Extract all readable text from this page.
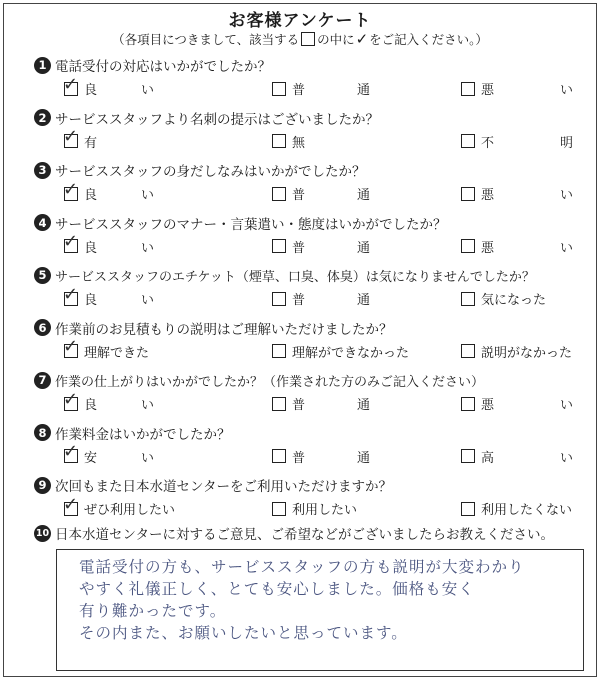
お客様アンケート
（各項目につきまして、該当する の中に✓をご記入ください。）
1 電話受付の対応はいかがでしたか？
✓ 良	い	普	通	悪	い
2 サービススタッフより名刺の提示はございましたか？
✓ 有	無	不	明
3 サービススタッフの身だしなみはいかがでしたか？
✓ 良	い	普	通	悪	い
4 サービススタッフのマナー・言葉遣い・態度はいかがでしたか？
✓ 良	い	普	通	悪	い
5 サービススタッフのエチケット（煙草、口臭、体臭）は気になりませんでしたか？
✓ 良	い	普	通	気になった
6 作業前のお見積もりの説明はご理解いただけましたか？
✓ 理解できた	理解ができなかった	説明がなかった
7 作業の仕上がりはいかがでしたか？（作業された方のみご記入ください）
✓ 良	い	普	通	悪	い
8 作業料金はいかがでしたか？
✓ 安	い	普	通	高	い
9 次回もまた日本水道センターをご利用いただけますか？
✓ ぜひ利用したい	利用したい	利用したくない
10 日本水道センターに対するご意見、ご希望などがございましたらお教えください。
電話受付の方も、サービススタッフの方も説明が大変わかり
やすく礼儀正しく、とても安心しました。価格も安く
有り難かったです。
その内また、お願いしたいと思っています。
